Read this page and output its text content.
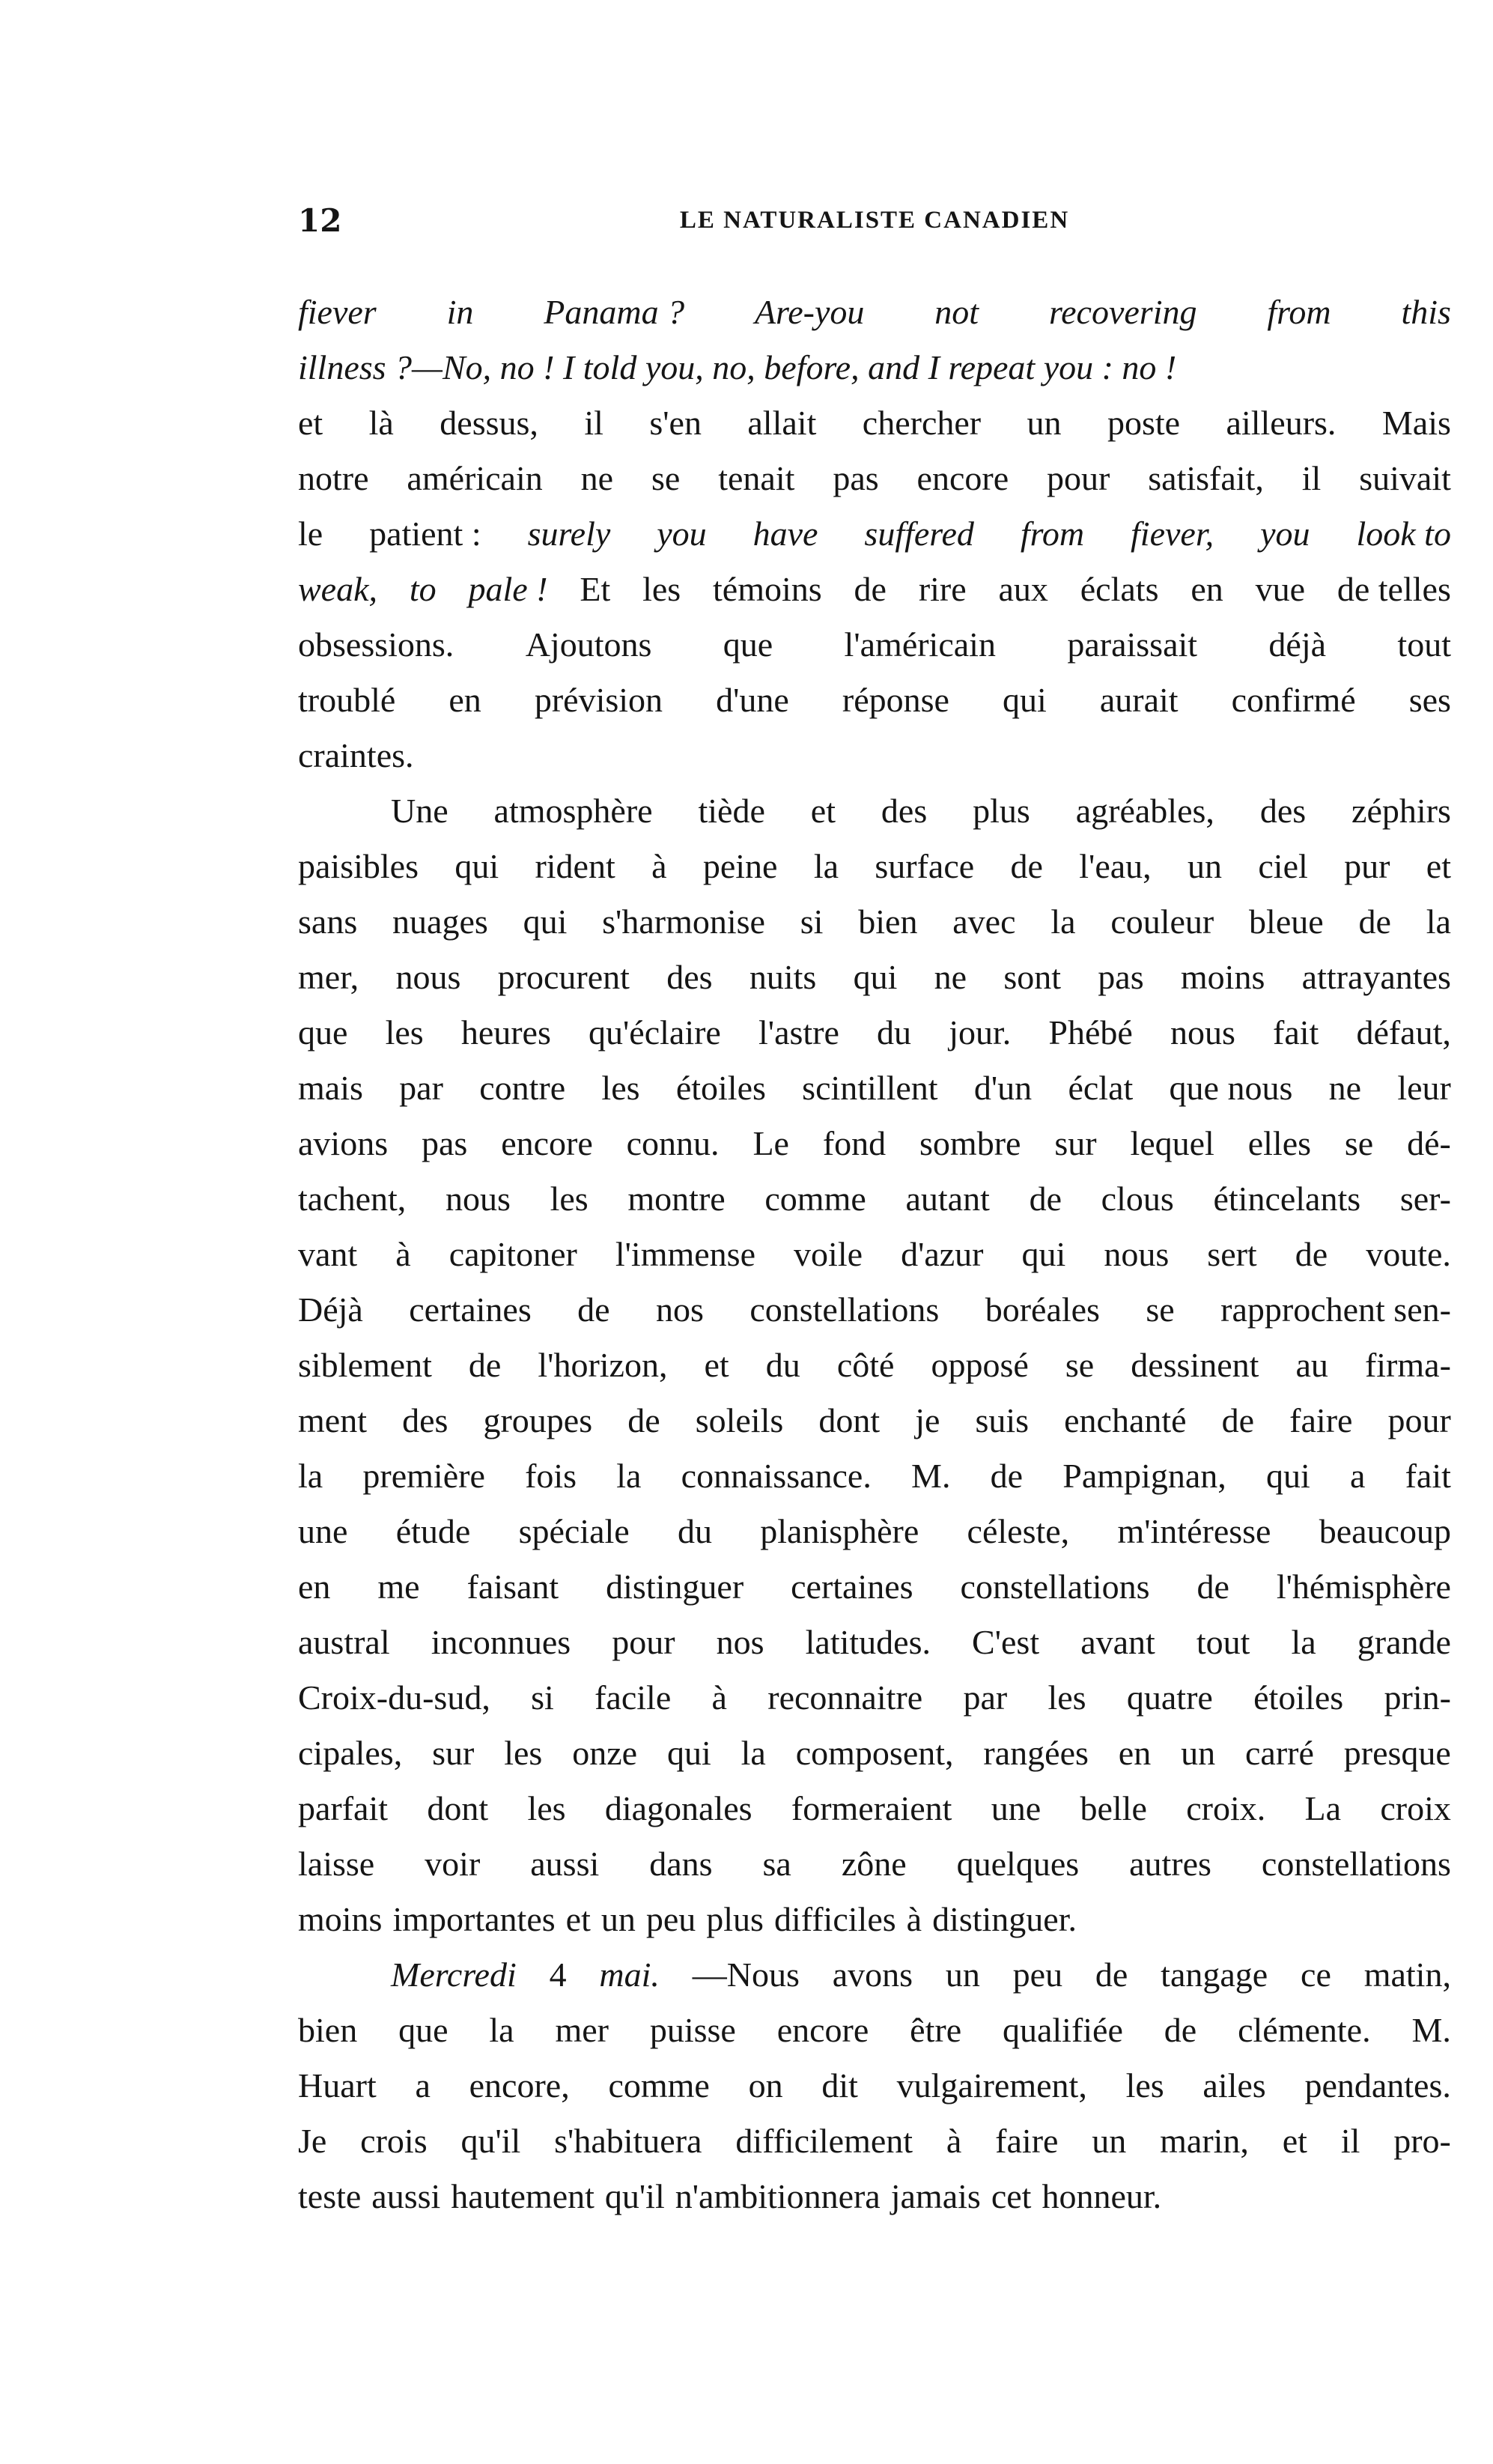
12	LE NATURALISTE CANADIEN
fiever in Panama ? Are-you not recovering from this
illness ?—No, no ! I told you, no, before, and I repeat you : no !
et là dessus, il s'en allait chercher un poste ailleurs. Mais
notre américain ne se tenait pas encore pour satisfait, il suivait
le patient : surely you have suffered from fiever, you look to
weak, to pale ! Et les témoins de rire aux éclats en vue de telles
obsessions. Ajoutons que l'américain paraissait déjà tout
troublé en prévision d'une réponse qui aurait confirmé ses
craintes.
Une atmosphère tiède et des plus agréables, des zéphirs
paisibles qui rident à peine la surface de l'eau, un ciel pur et
sans nuages qui s'harmonise si bien avec la couleur bleue de la
mer, nous procurent des nuits qui ne sont pas moins attrayantes
que les heures qu'éclaire l'astre du jour. Phébé nous fait défaut,
mais par contre les étoiles scintillent d'un éclat que nous ne leur
avions pas encore connu. Le fond sombre sur lequel elles se dé-
tachent, nous les montre comme autant de clous étincelants ser-
vant à capitoner l'immense voile d'azur qui nous sert de voute.
Déjà certaines de nos constellations boréales se rapprochent sen-
siblement de l'horizon, et du côté opposé se dessinent au firma-
ment des groupes de soleils dont je suis enchanté de faire pour
la première fois la connaissance. M. de Pampignan, qui a fait
une étude spéciale du planisphère céleste, m'intéresse beaucoup
en me faisant distinguer certaines constellations de l'hémisphère
austral inconnues pour nos latitudes. C'est avant tout la grande
Croix-du-sud, si facile à reconnaitre par les quatre étoiles prin-
cipales, sur les onze qui la composent, rangées en un carré presque
parfait dont les diagonales formeraient une belle croix. La croix
laisse voir aussi dans sa zône quelques autres constellations
moins importantes et un peu plus difficiles à distinguer.
Mercredi 4 mai. —Nous avons un peu de tangage ce matin,
bien que la mer puisse encore être qualifiée de clémente. M.
Huart a encore, comme on dit vulgairement, les ailes pendantes.
Je crois qu'il s'habituera difficilement à faire un marin, et il pro-
teste aussi hautement qu'il n'ambitionnera jamais cet honneur.
